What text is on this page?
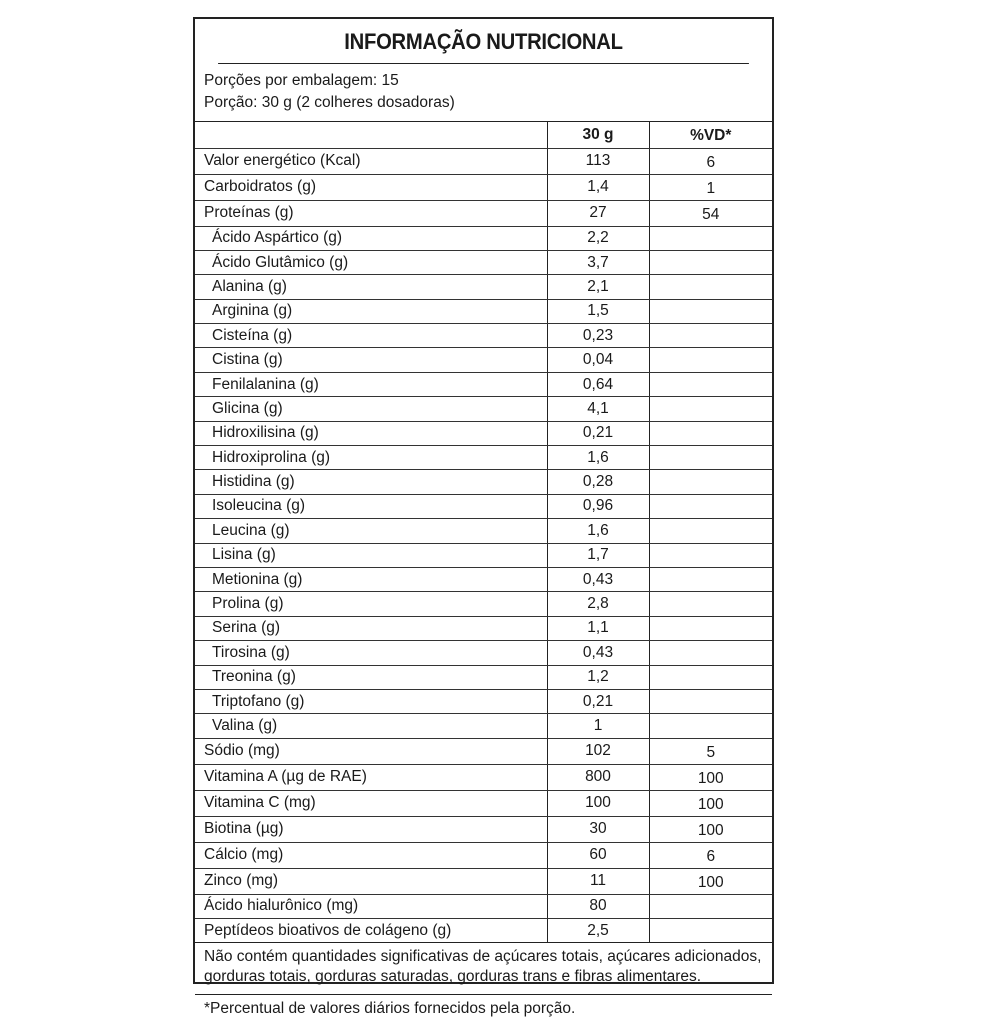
INFORMAÇÃO NUTRICIONAL
Porções por embalagem: 15
Porção: 30 g (2 colheres dosadoras)
	30 g	%VD*
Valor energético (Kcal)	113	6
Carboidratos (g)	1,4	1
Proteínas (g)	27	54
Ácido Aspártico (g)	2,2	
Ácido Glutâmico (g)	3,7	
Alanina (g)	2,1	
Arginina (g)	1,5	
Cisteína (g)	0,23	
Cistina (g)	0,04	
Fenilalanina (g)	0,64	
Glicina (g)	4,1	
Hidroxilisina (g)	0,21	
Hidroxiprolina (g)	1,6	
Histidina (g)	0,28	
Isoleucina (g)	0,96	
Leucina (g)	1,6	
Lisina (g)	1,7	
Metionina (g)	0,43	
Prolina (g)	2,8	
Serina (g)	1,1	
Tirosina (g)	0,43	
Treonina (g)	1,2	
Triptofano (g)	0,21	
Valina (g)	1	
Sódio (mg)	102	5
Vitamina A (µg de RAE)	800	100
Vitamina C (mg)	100	100
Biotina (µg)	30	100
Cálcio (mg)	60	6
Zinco (mg)	11	100
Ácido hialurônico (mg)	80	
Peptídeos bioativos de colágeno (g)	2,5	
Não contém quantidades significativas de açúcares totais, açúcares adicionados,
gorduras totais, gorduras saturadas, gorduras trans e fibras alimentares.
*Percentual de valores diários fornecidos pela porção.
